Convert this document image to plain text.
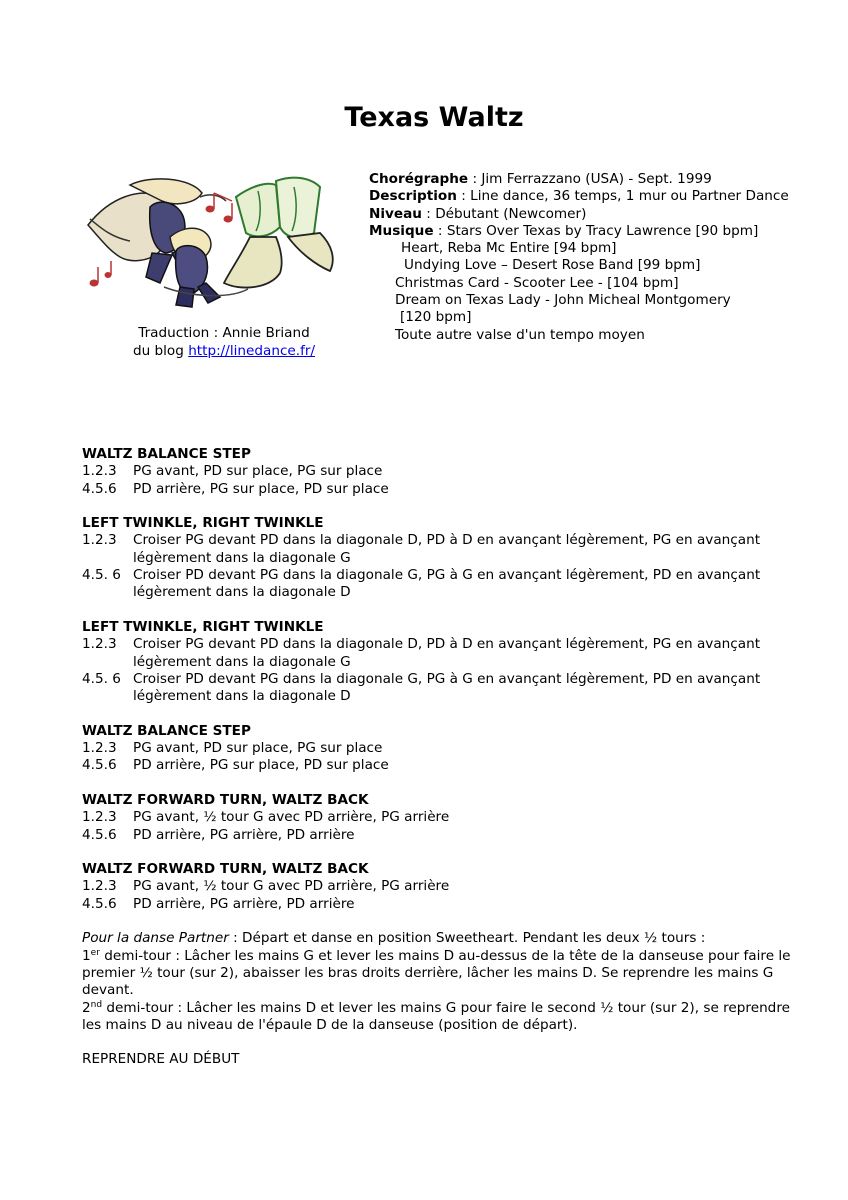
Texas Waltz
Traduction : Annie Briand
du blog http://linedance.fr/
Chorégraphe : Jim Ferrazzano (USA) - Sept. 1999
Description : Line dance, 36 temps, 1 mur ou Partner Dance
Niveau : Débutant (Newcomer)
Musique : Stars Over Texas by Tracy Lawrence [90 bpm]
Heart, Reba Mc Entire [94 bpm]
Undying Love – Desert Rose Band [99 bpm]
Christmas Card - Scooter Lee - [104 bpm]
Dream on Texas Lady - John Micheal Montgomery
[120 bpm]
Toute autre valse d'un tempo moyen
WALTZ BALANCE STEP
1.2.3	PG avant, PD sur place, PG sur place
4.5.6	PD arrière, PG sur place, PD sur place
LEFT TWINKLE, RIGHT TWINKLE
1.2.3	Croiser PG devant PD dans la diagonale D, PD à D en avançant légèrement, PG en avançant légèrement dans la diagonale G
4.5. 6 Croiser PD devant PG dans la diagonale G, PG à G en avançant légèrement, PD en avançant légèrement dans la diagonale D
LEFT TWINKLE, RIGHT TWINKLE
1.2.3	Croiser PG devant PD dans la diagonale D, PD à D en avançant légèrement, PG en avançant légèrement dans la diagonale G
4.5. 6 Croiser PD devant PG dans la diagonale G, PG à G en avançant légèrement, PD en avançant légèrement dans la diagonale D
WALTZ BALANCE STEP
1.2.3	PG avant, PD sur place, PG sur place
4.5.6	PD arrière, PG sur place, PD sur place
WALTZ FORWARD TURN, WALTZ BACK
1.2.3	PG avant, ½ tour G avec PD arrière, PG arrière
4.5.6	PD arrière, PG arrière, PD arrière
WALTZ FORWARD TURN, WALTZ BACK
1.2.3	PG avant, ½ tour G avec PD arrière, PG arrière
4.5.6	PD arrière, PG arrière, PD arrière

Pour la danse Partner : Départ et danse en position Sweetheart. Pendant les deux ½ tours :

1er demi-tour : Lâcher les mains G et lever les mains D au-dessus de la tête de la danseuse pour faire le premier ½ tour (sur 2), abaisser les bras droits derrière, lâcher les mains D. Se reprendre les mains G devant.

2nd demi-tour : Lâcher les mains D et lever les mains G pour faire le second ½ tour (sur 2), se reprendre les mains D au niveau de l'épaule D de la danseuse (position de départ).

REPRENDRE AU DÉBUT
